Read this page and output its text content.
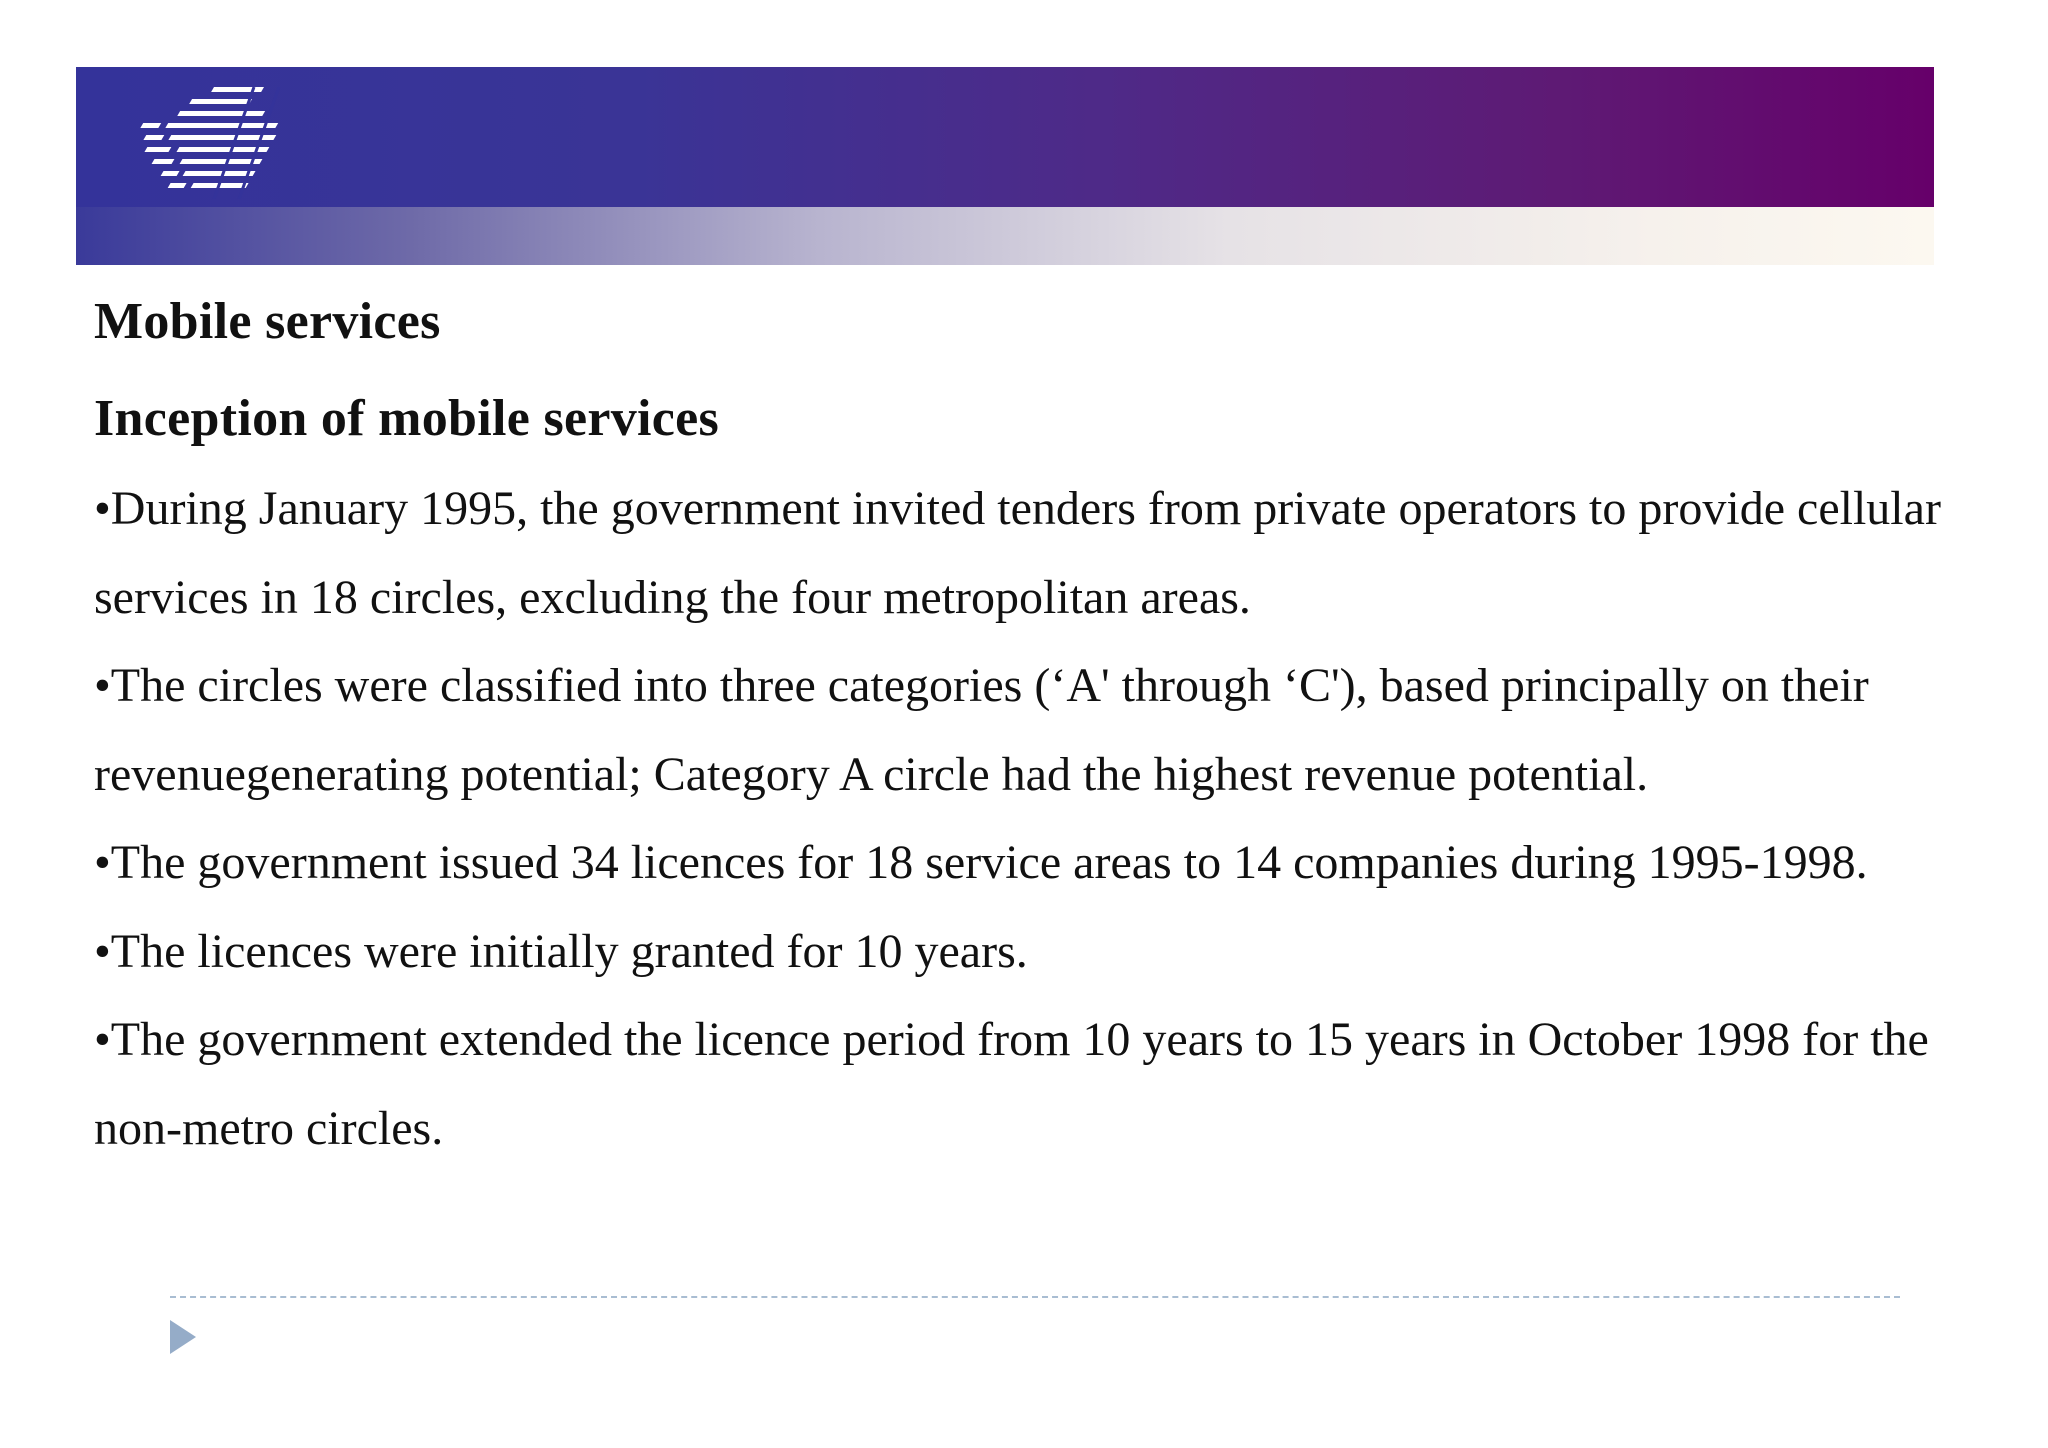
Mobile services
Inception of mobile services
•During January 1995, the government invited tenders from private operators to provide cellular services in 18 circles, excluding the four metropolitan areas.
•The circles were classified into three categories (‘A' through ‘C'), based principally on their revenuegenerating potential; Category A circle had the highest revenue potential.
•The government issued 34 licences for 18 service areas to 14 companies during 1995-1998.
•The licences were initially granted for 10 years.
•The government extended the licence period from 10 years to 15 years in October 1998 for the non-metro circles.
